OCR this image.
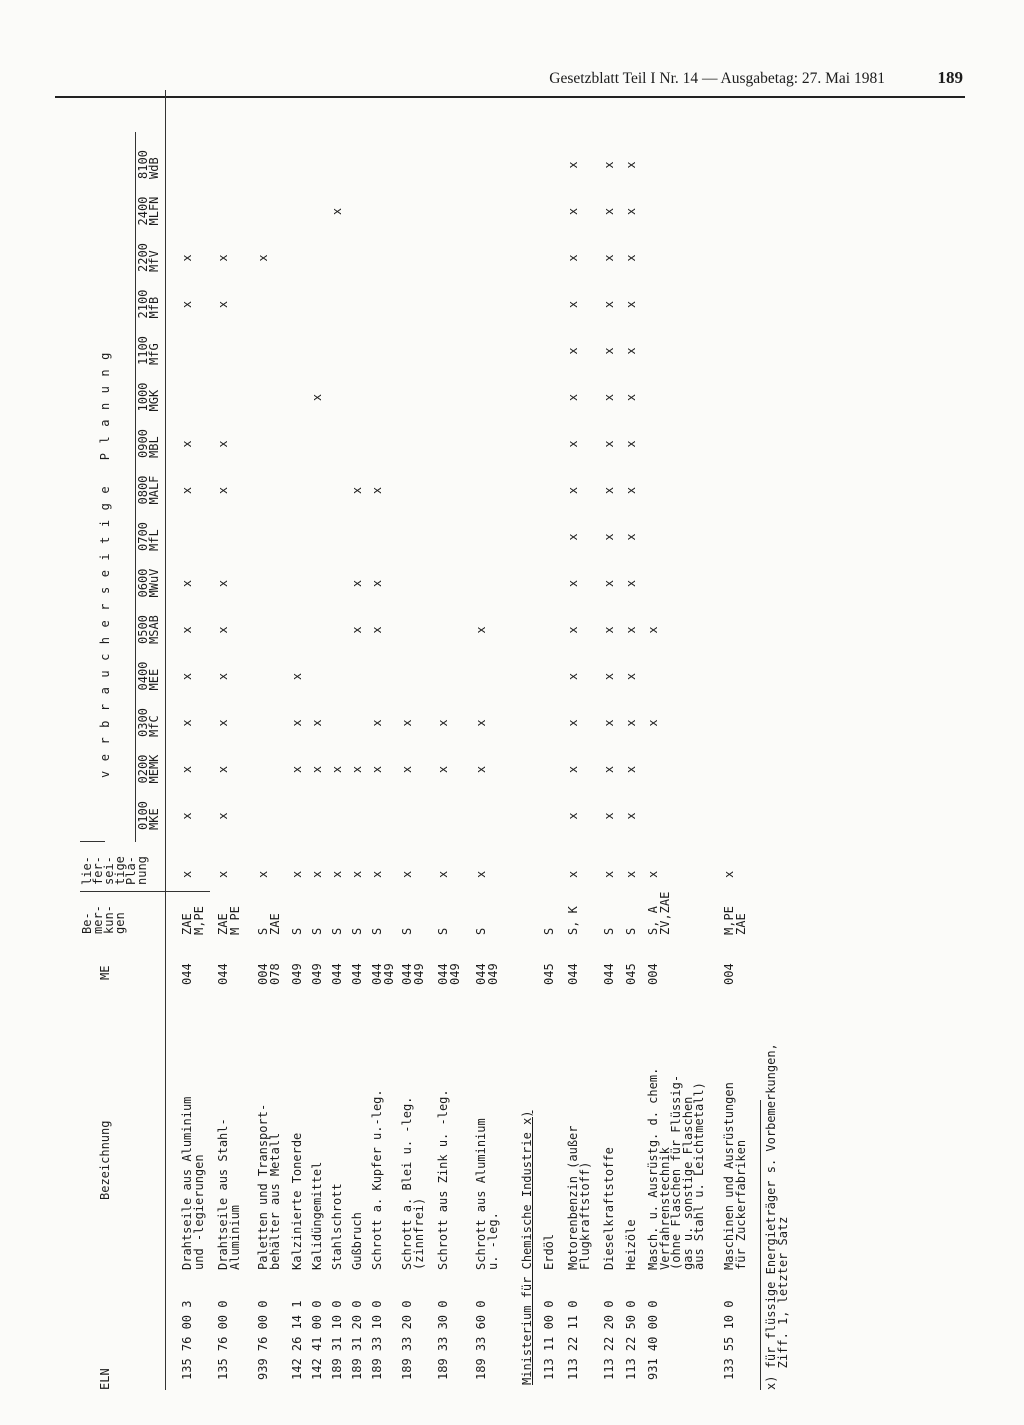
Gesetzblatt Teil I Nr. 14 — Ausgabetag: 27. Mai 1981	189
ELN
Bezeichnung
ME
Be-
mer-
kun-
gen
lie-
fer-
sei-
tige
Pla-
nung
verbraucherseitige Planung
0100
MKE
0200
MEMK
0300
MfC
0400
MEE
0500
MSAB
0600
MWuV
0700
MfL
0800
MALF
0900
MBL
1000
MGK
1100
MfG
2100
MfB
2200
MfV
2400
MLFN
8100
WdB
135 76 00 3
Drahtseile aus Aluminium
und -legierungen
044
ZAE
M,PE
x
x
x
x
x
x
x
x
x
x
x
135 76 00 0
Drahtseile aus Stahl-
Aluminium
044
ZAE
M PE
x
x
x
x
x
x
x
x
x
x
x
939 76 00 0
Paletten und Transport-
behälter aus Metall
004
078
S
ZAE
x
x
142 26 14 1
Kalzinierte Tonerde
049
S
x
x
x
x
142 41 00 0
Kalidüngemittel
049
S
x
x
x
x
189 31 10 0
Stahlschrott
044
S
x
x
x
189 31 20 0
Gußbruch
044
S
x
x
x
x
x
189 33 10 0
Schrott a. Kupfer u.-leg.
044
049
S
x
x
x
x
x
x
189 33 20 0
Schrott a. Blei u. -leg.
(zinnfrei)
044
049
S
x
x
x
189 33 30 0
Schrott aus Zink u. -leg.
044
049
S
x
x
x
189 33 60 0
Schrott aus Aluminium
u. -leg.
044
049
S
x
x
x
x
Ministerium für Chemische Industrie x) 113 11 00 0
Erdöl
045
S
113 22 11 0
Motorenbenzin (außer
Flugkraftstoff)
044
S, K
x
x
x
x
x
x
x
x
x
x
x
x
x
x
x
x
113 22 20 0
Dieselkraftstoffe
044
S
x
x
x
x
x
x
x
x
x
x
x
x
x
x
x
x
113 22 50 0
Heizöle
045
S
x
x
x
x
x
x
x
x
x
x
x
x
x
x
x
x
931 40 00 0
Masch. u. Ausrüstg. d. chem.
Verfahrenstechnik
(ohne Flaschen für Flüssig-
gas u. sonstige Flaschen
aus Stahl u. Leichtmetall)
004
S, A
ZV,ZAE
x
x
x
133 55 10 0
Maschinen und Ausrüstungen
für Zuckerfabriken
004
M,PE
ZAE
x
x) für flüssige Energieträger s. Vorbemerkungen,
Ziff. 1, letzter Satz
